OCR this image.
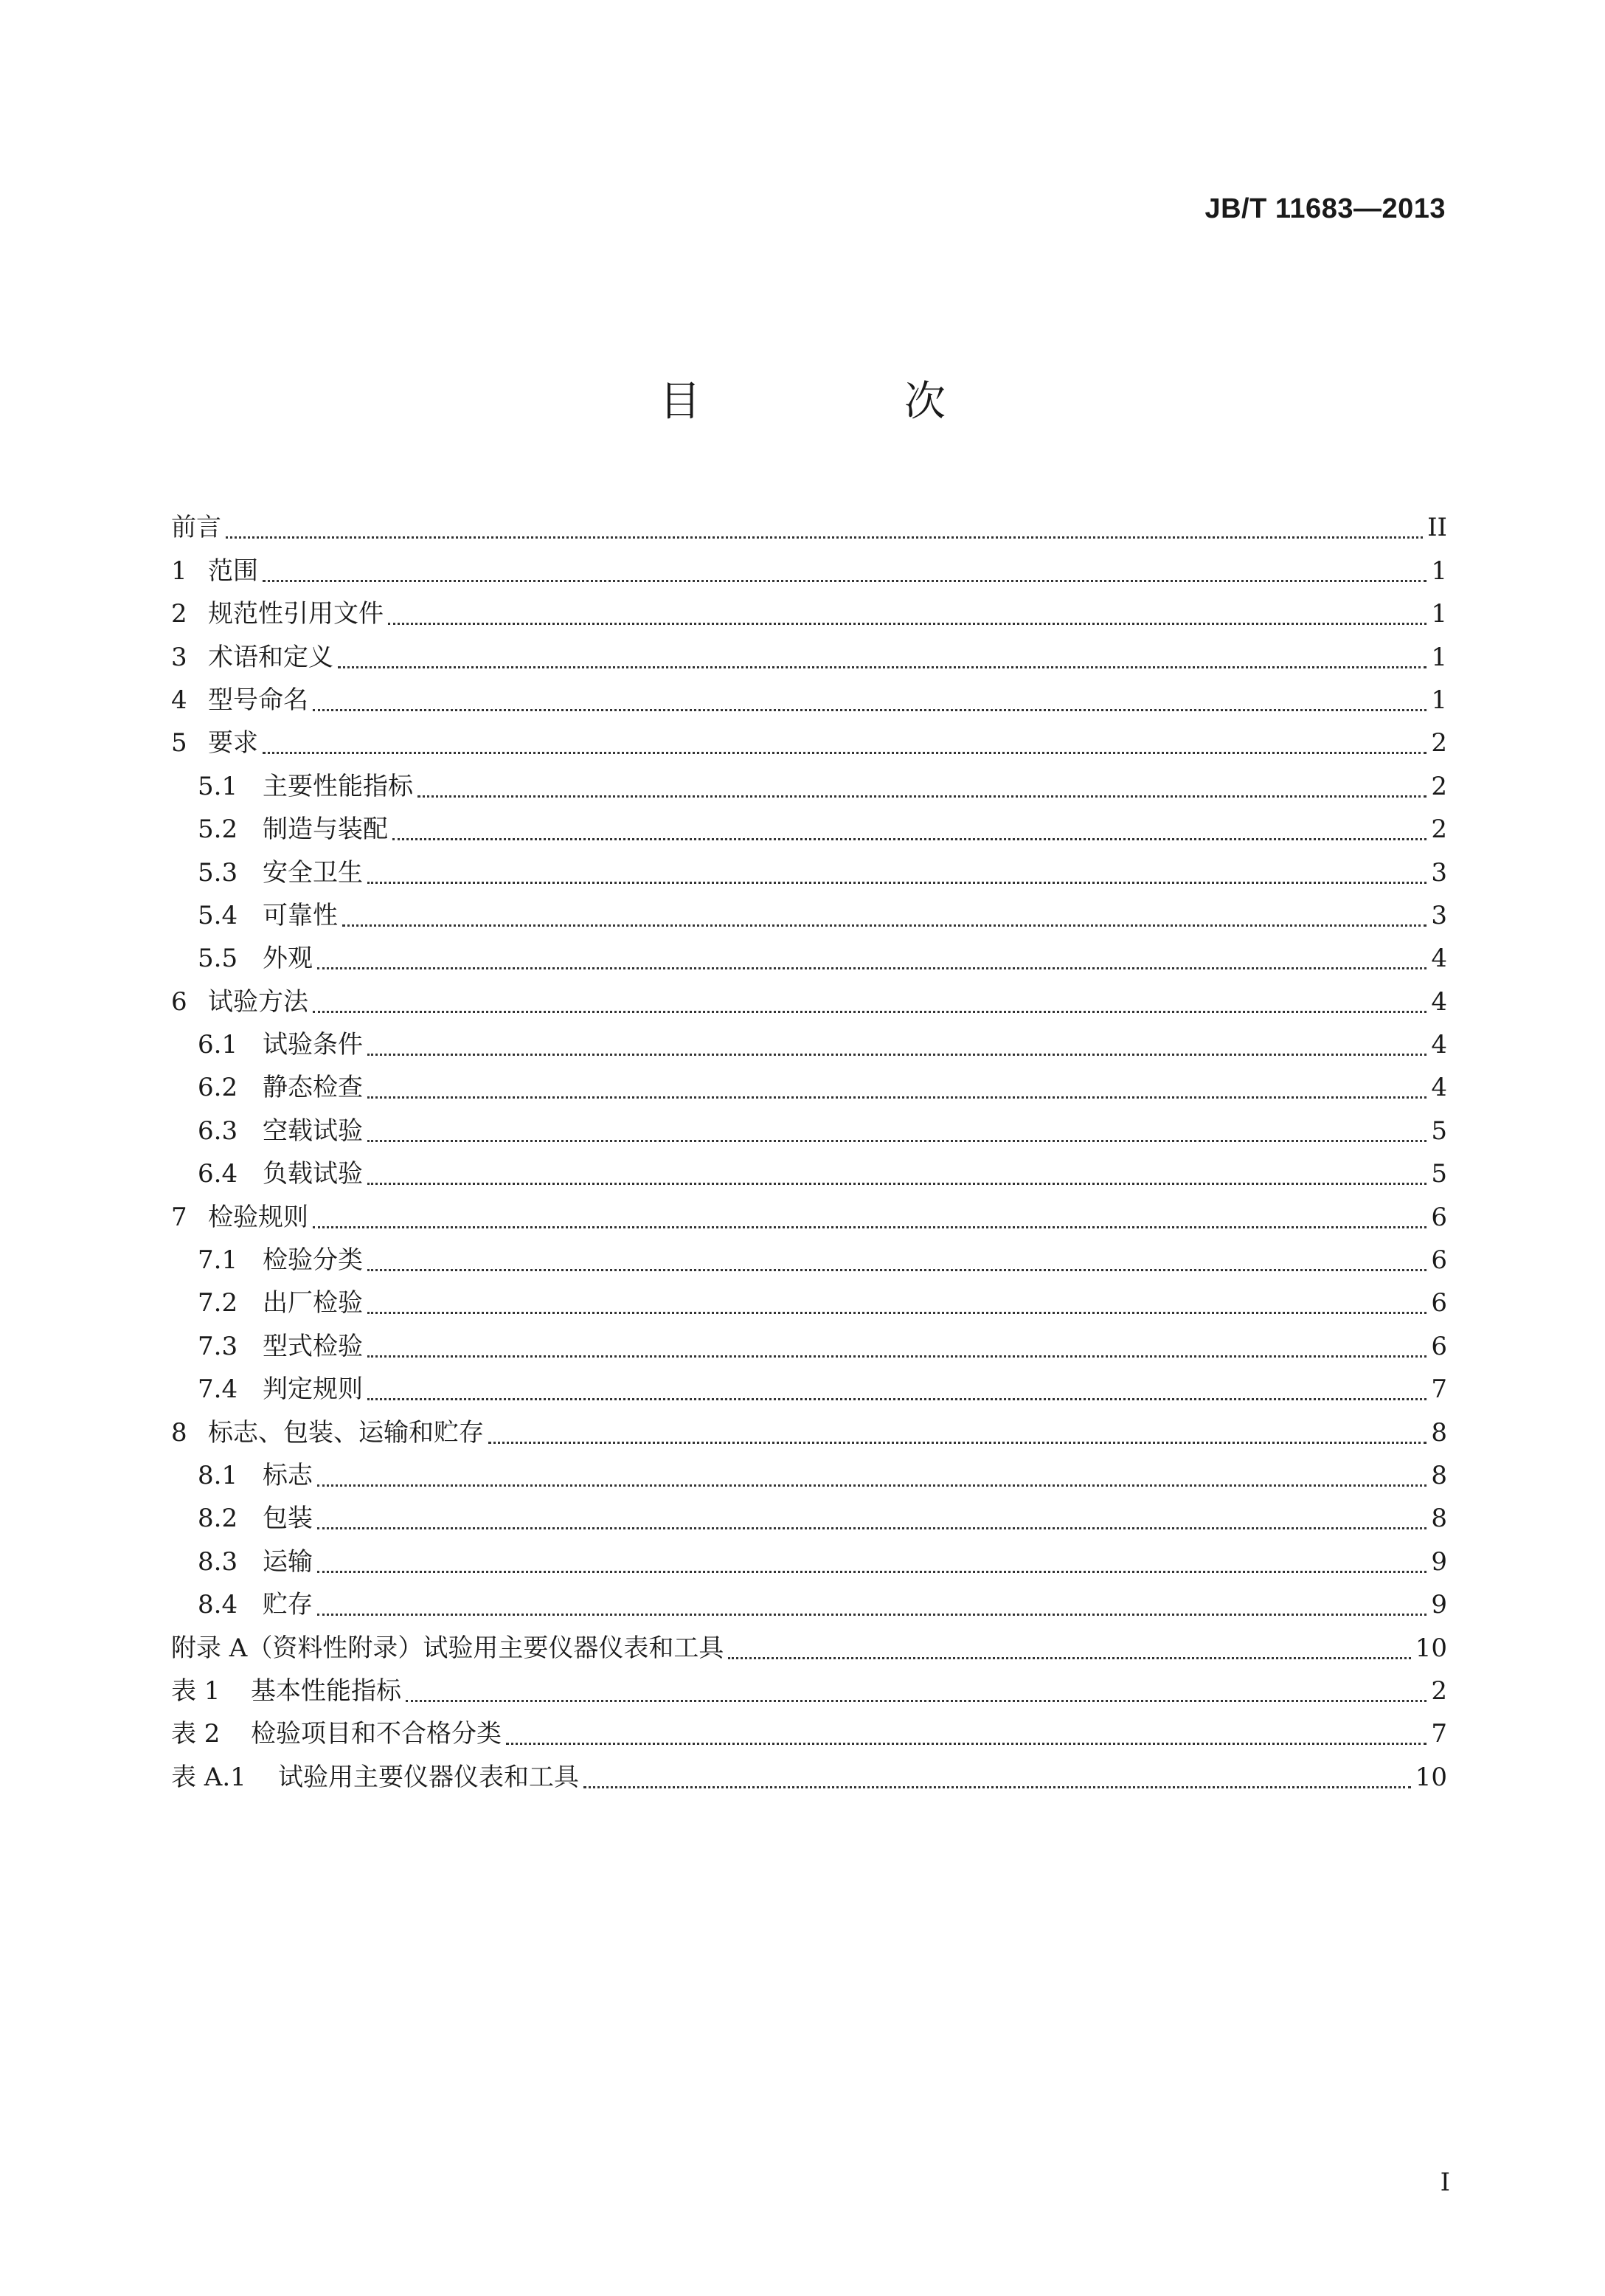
JB/T 11683—2013
目　次
前言	II
1 范围	1
2 规范性引用文件	1
3 术语和定义	1
4 型号命名	1
5 要求	2
5.1 主要性能指标	2
5.2 制造与装配	2
5.3 安全卫生	3
5.4 可靠性	3
5.5 外观	4
6 试验方法	4
6.1 试验条件	4
6.2 静态检查	4
6.3 空载试验	5
6.4 负载试验	5
7 检验规则	6
7.1 检验分类	6
7.2 出厂检验	6
7.3 型式检验	6
7.4 判定规则	7
8 标志、包装、运输和贮存	8
8.1 标志	8
8.2 包装	8
8.3 运输	9
8.4 贮存	9
附录 A（资料性附录）试验用主要仪器仪表和工具	10
表 1	基本性能指标	2
表 2	检验项目和不合格分类	7
表 A.1	试验用主要仪器仪表和工具	10
I
